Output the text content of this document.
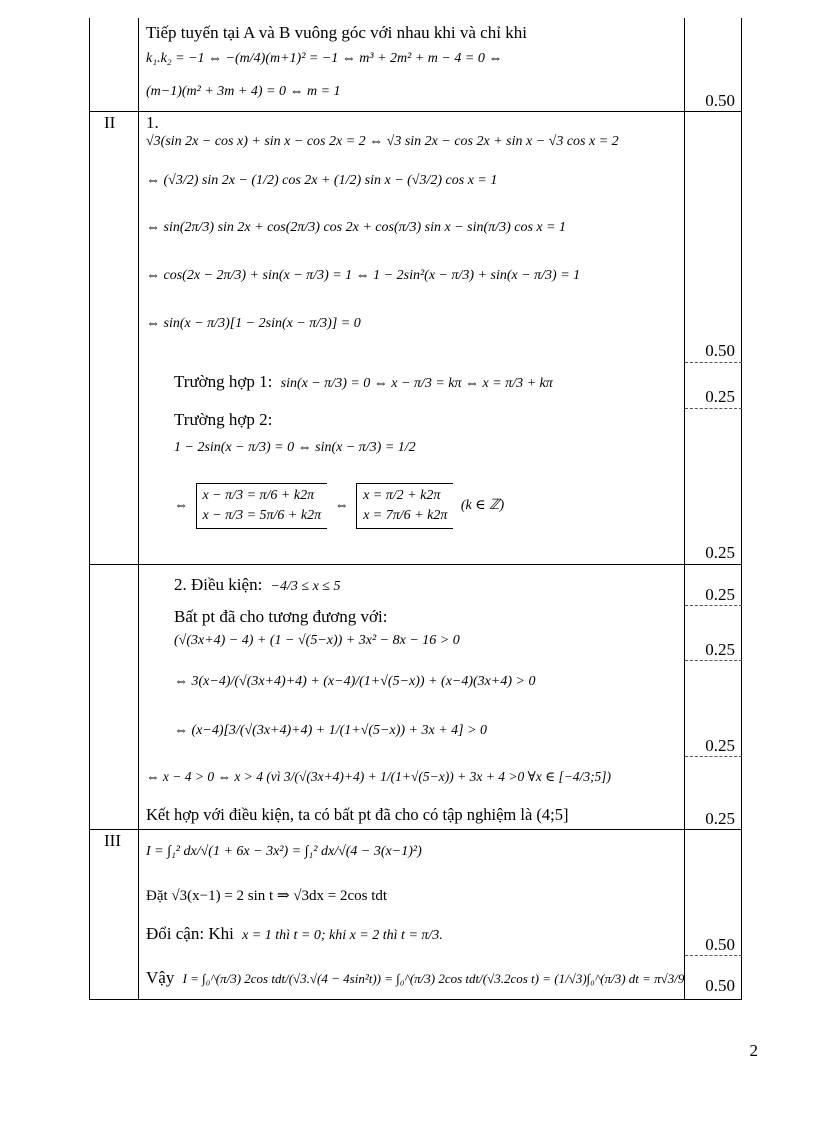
Tiếp tuyến tại A và B vuông góc với nhau khi và chỉ khi
k₁.k₂ = −1 ⇔ −(m/4)(m+1)² = −1 ⇔ m³ + 2m² + m − 4 = 0 ⇔
(m−1)(m² + 3m + 4) = 0 ⇔ m = 1	0.50
II 1.
√3(sin 2x − cos x) + sin x − cos 2x = 2 ⇔ √3 sin 2x − cos 2x + sin x − √3 cos x = 2
⇔ (√3/2) sin 2x − (1/2) cos 2x + (1/2) sin x − (√3/2) cos x = 1
⇔ sin(2π/3) sin 2x + cos(2π/3) cos 2x + cos(π/3) sin x − sin(π/3) cos x = 1
⇔ cos(2x − 2π/3) + sin(x − π/3) = 1 ⇔ 1 − 2sin²(x − π/3) + sin(x − π/3) = 1
⇔ sin(x − π/3)[1 − 2sin(x − π/3)] = 0
Trường hợp 1: sin(x − π/3) = 0 ⇔ x − π/3 = kπ ⇔ x = π/3 + kπ
Trường hợp 2:
1 − 2sin(x − π/3) = 0 ⇔ sin(x − π/3) = 1/2
⇔
x − π/3 = π/6 + k2π
x − π/3 = 5π/6 + k2π
⇔
x = π/2 + k2π
x = 7π/6 + k2π
(k ∈ ℤ)
0.50
0.25
0.25
2. Điều kiện: −4/3 ≤ x ≤ 5
Bất pt đã cho tương đương với:
(√(3x+4) − 4) + (1 − √(5−x)) + 3x² − 8x − 16 > 0
⇔ 3(x−4)/(√(3x+4)+4) + (x−4)/(1+√(5−x)) + (x−4)(3x+4) > 0
⇔ (x−4)[3/(√(3x+4)+4) + 1/(1+√(5−x)) + 3x + 4] > 0
⇔ x − 4 > 0 ⇔ x > 4 (vì 3/(√(3x+4)+4) + 1/(1+√(5−x)) + 3x + 4 >0 ∀x ∈ [−4/3;5])
Kết hợp với điều kiện, ta có bất pt đã cho có tập nghiệm là (4;5]
0.25
0.25
0.25
0.25
III
I = ∫₁² dx/√(1 + 6x − 3x²) = ∫₁² dx/√(4 − 3(x−1)²)
Đặt √3(x−1) = 2 sin t ⇒ √3dx = 2cos tdt
Đổi cận: Khi x = 1 thì t = 0; khi x = 2 thì t = π/3.
Vậy I = ∫₀^(π/3) 2cos tdt/(√3.√(4 − 4sin²t)) = ∫₀^(π/3) 2cos tdt/(√3.2cos t) = (1/√3)∫₀^(π/3) dt = π√3/9
0.50
0.50
2
